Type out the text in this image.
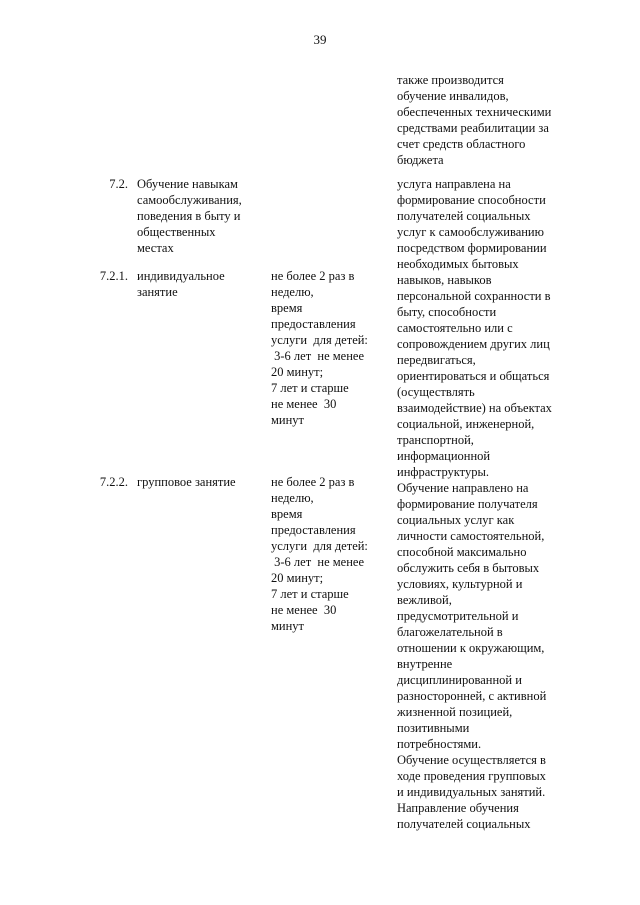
39

также производится
обучение инвалидов,
обеспеченных техническими
средствами реабилитации за
счет средств областного
бюджета

7.2. Обучение навыкам
самообслуживания,
поведения в быту и
общественных
местах

услуга направлена на
формирование способности
получателей социальных
услуг к самообслуживанию
посредством формировании
необходимых бытовых
навыков, навыков
персональной сохранности в
быту, способности
самостоятельно или с
сопровождением других лиц
передвигаться,
ориентироваться и общаться
(осуществлять
взаимодействие) на объектах
социальной, инженерной,
транспортной,
информационной
инфраструктуры.
Обучение направлено на
формирование получателя
социальных услуг как
личности самостоятельной,
способной максимально
обслужить себя в бытовых
условиях, культурной и
вежливой,
предусмотрительной и
благожелательной в
отношении к окружающим,
внутренне
дисциплинированной и
разносторонней, с активной
жизненной позицией,
позитивными
потребностями.
Обучение осуществляется в
ходе проведения групповых
и индивидуальных занятий.
Направление обучения
получателей социальных

7.2.1. индивидуальное
занятие

не более 2 раз в
неделю,
время
предоставления
услуги  для детей:
3-6 лет  не менее
20 минут;
7 лет и старше
не менее  30
минут

7.2.2. групповое занятие	не более 2 раз в
неделю,
время
предоставления
услуги  для детей:
3-6 лет  не менее
20 минут;
7 лет и старше
не менее  30
минут
